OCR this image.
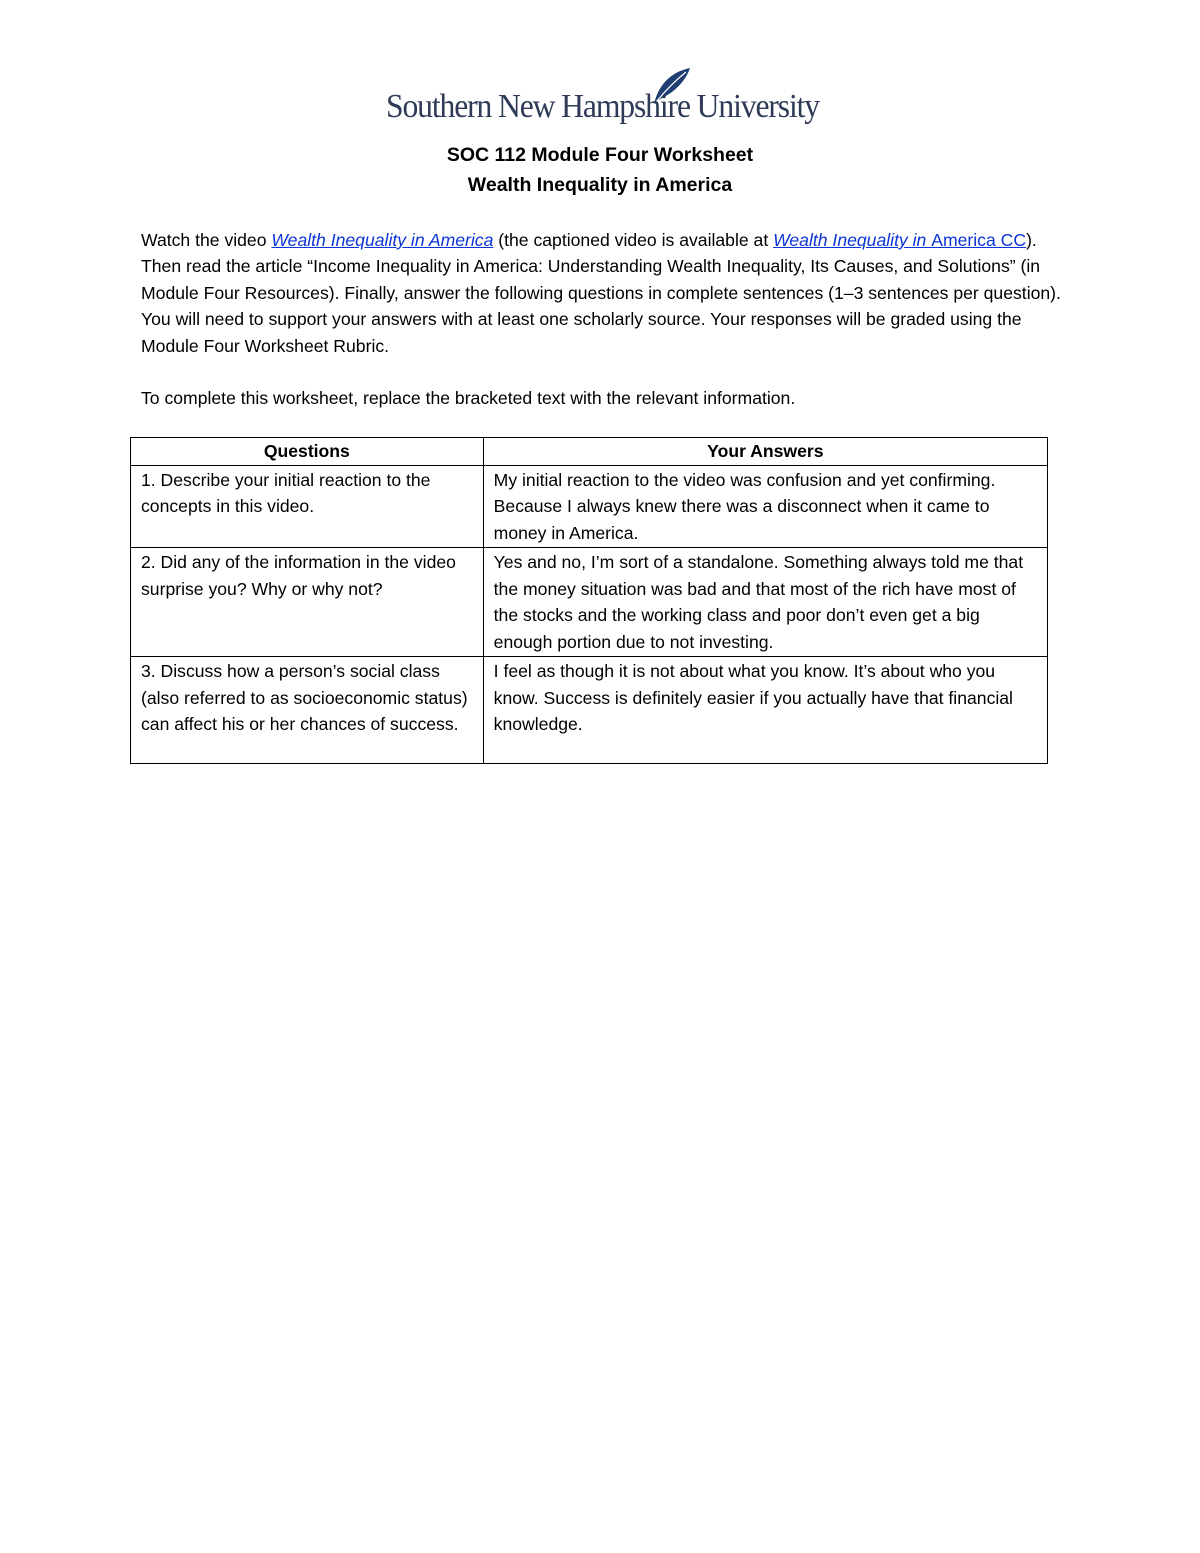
Southern New Hampshire University
SOC 112 Module Four Worksheet
Wealth Inequality in America
Watch the video Wealth Inequality in America (the captioned video is available at Wealth Inequality in America CC). Then read the article “Income Inequality in America: Understanding Wealth Inequality, Its Causes, and Solutions” (in Module Four Resources). Finally, answer the following questions in complete sentences (1–3 sentences per question). You will need to support your answers with at least one scholarly source. Your responses will be graded using the Module Four Worksheet Rubric.
To complete this worksheet, replace the bracketed text with the relevant information.
Questions	Your Answers
1. Describe your initial reaction to the concepts in this video.	My initial reaction to the video was confusion and yet confirming. Because I always knew there was a disconnect when it came to money in America.
2. Did any of the information in the video surprise you? Why or why not?	Yes and no, I’m sort of a standalone. Something always told me that the money situation was bad and that most of the rich have most of the stocks and the working class and poor don’t even get a big enough portion due to not investing.
3. Discuss how a person’s social class (also referred to as socioeconomic status) can affect his or her chances of success.	I feel as though it is not about what you know. It’s about who you know. Success is definitely easier if you actually have that financial knowledge.
